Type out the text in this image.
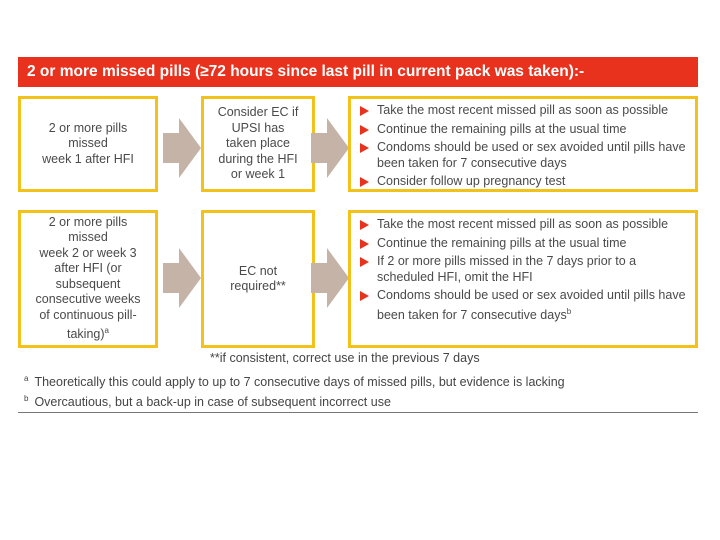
2 or more missed pills (≥72 hours since last pill in current pack was taken):-
2 or more pills
missed
week 1 after HFI
Consider EC if
UPSI has
taken place
during the HFI
or week 1
Take the most recent missed pill as soon as possible
Continue the remaining pills at the usual time
Condoms should be used or sex avoided until pills have been taken for 7 consecutive days
Consider follow up pregnancy test
2 or more pills
missed
week 2 or week 3
after HFI (or
subsequent
consecutive weeks
of continuous pill-
taking)$^a$
EC not
required**
Take the most recent missed pill as soon as possible
Continue the remaining pills at the usual time
If 2 or more pills missed in the 7 days prior to a scheduled HFI, omit the HFI
Condoms should be used or sex avoided until pills have been taken for 7 consecutive days$^b$
**if consistent, correct use in the previous 7 days
$^a$ Theoretically this could apply to up to 7 consecutive days of missed pills, but evidence is lacking
$^b$ Overcautious, but a back-up in case of subsequent incorrect use
